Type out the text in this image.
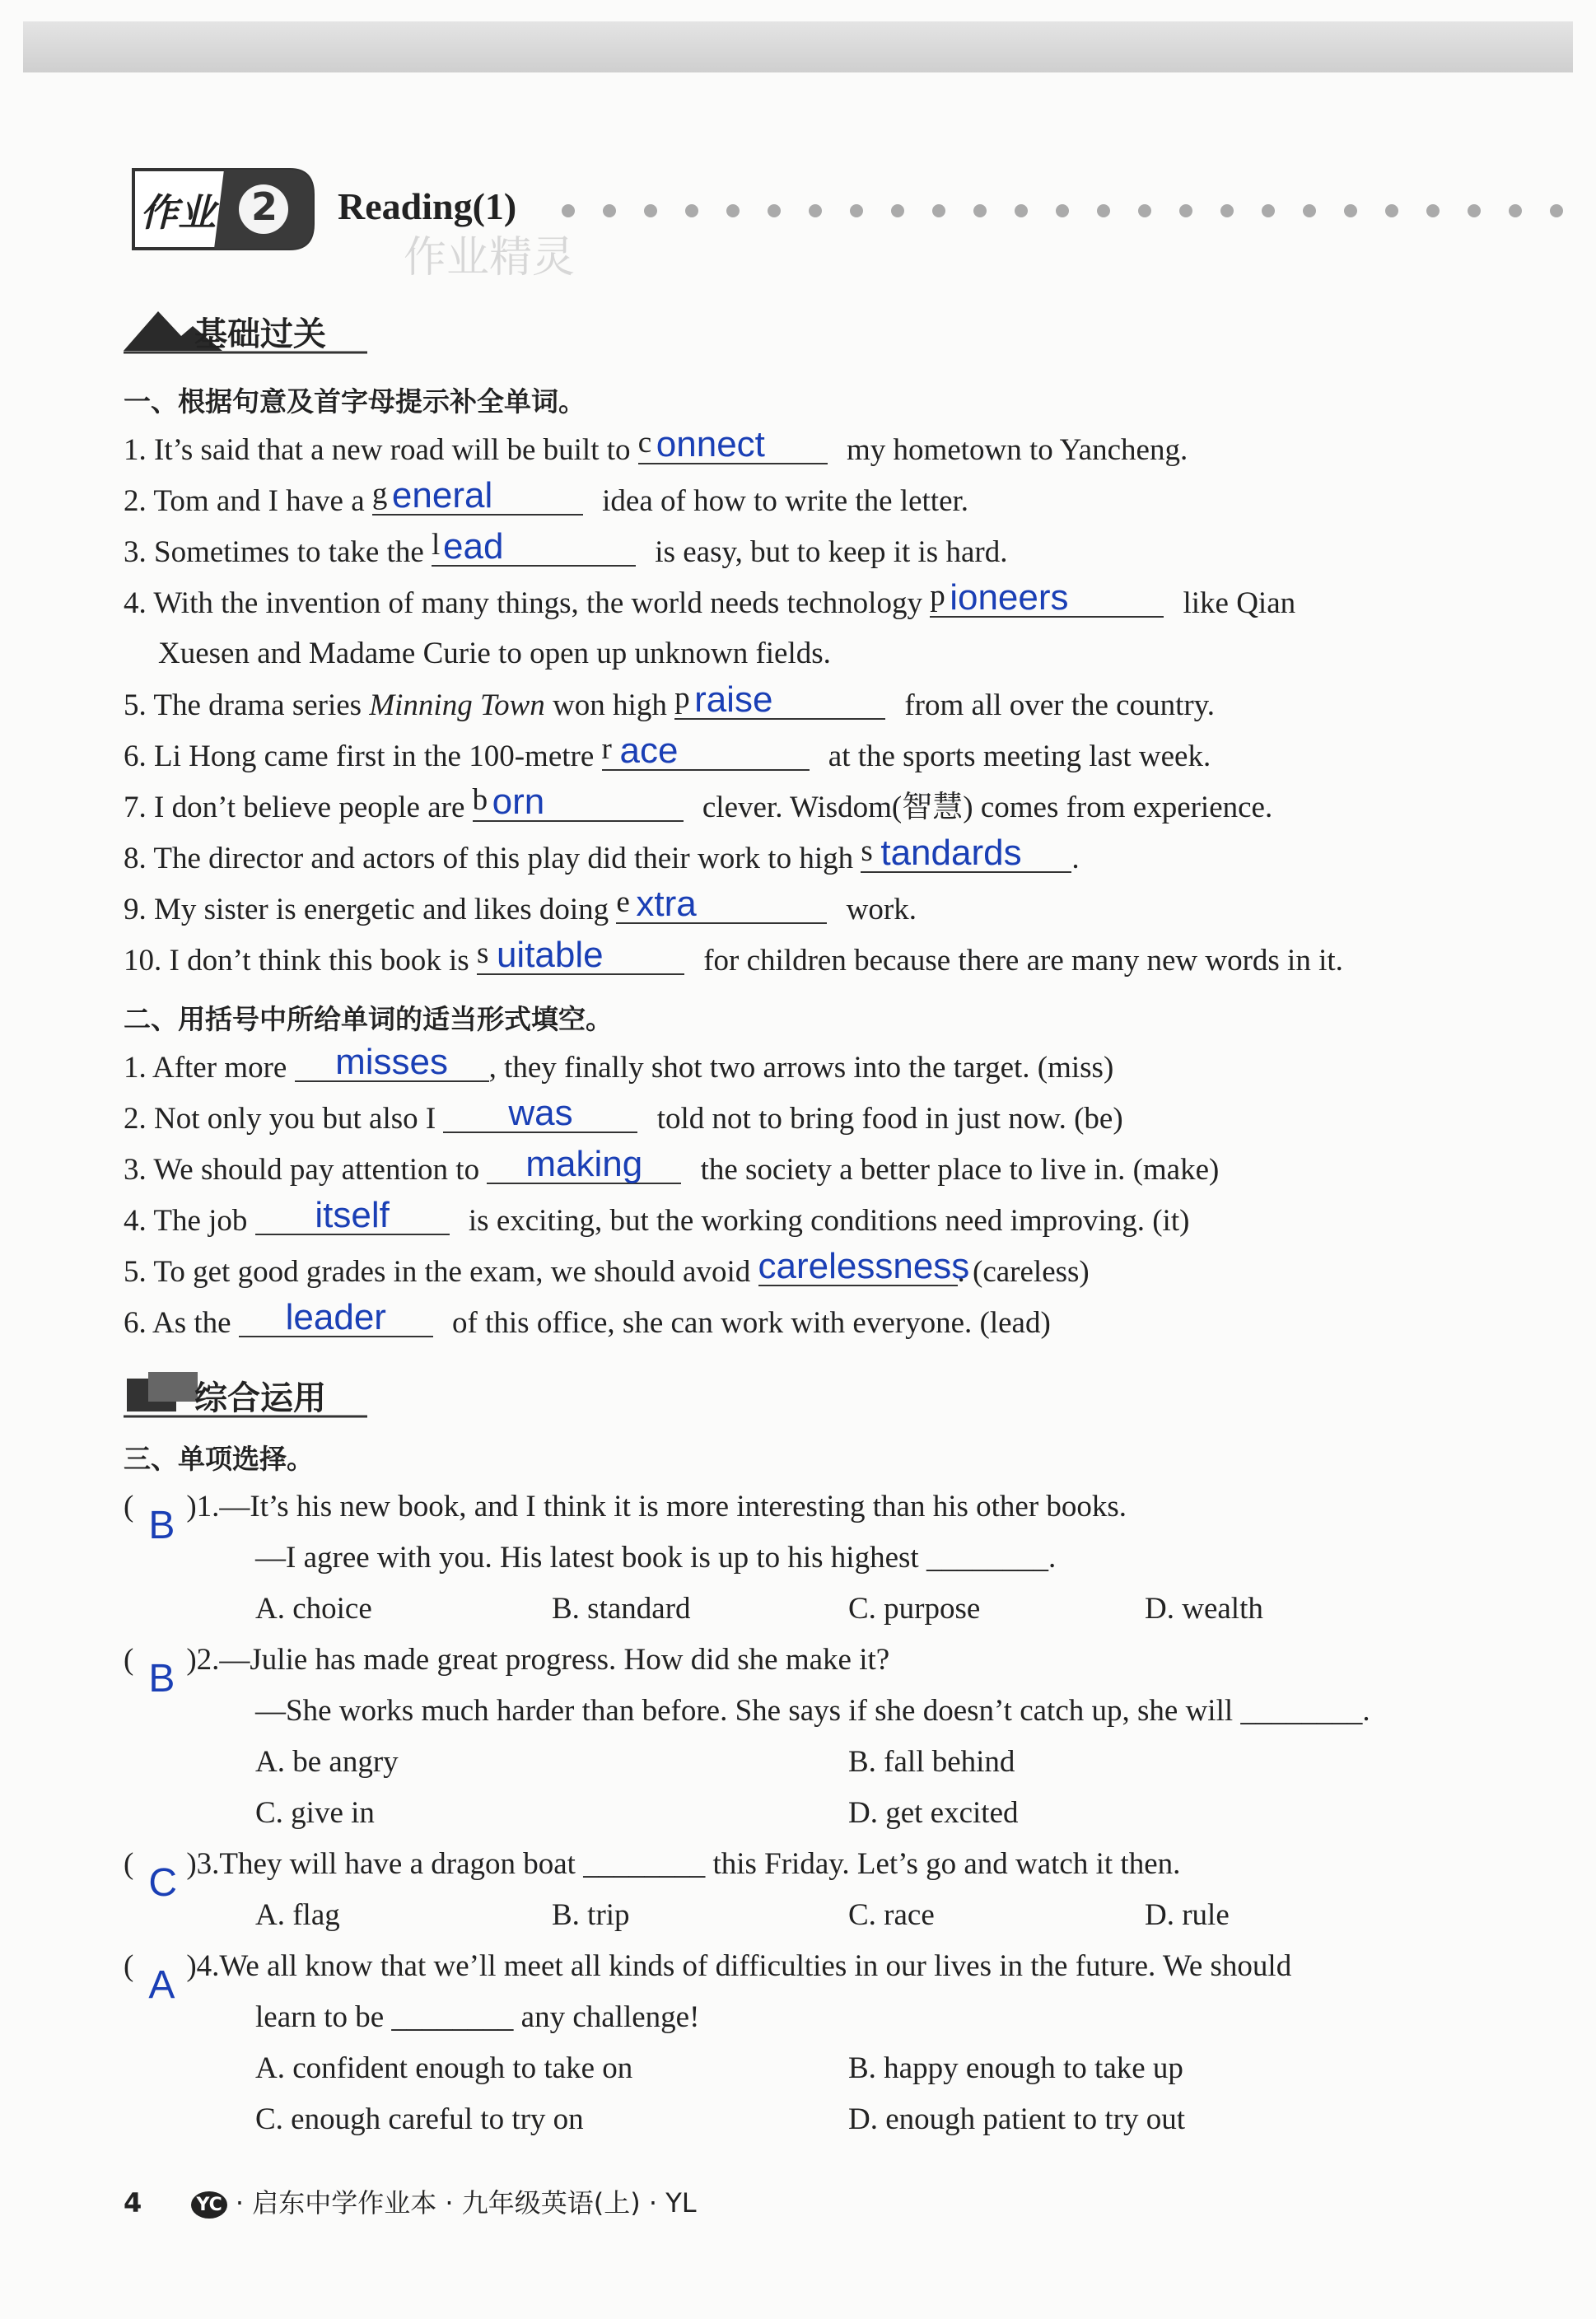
作业 2 Reading(1)
作业精灵
基础过关
一、根据句意及首字母提示补全单词。
1. It’s said that a new road will be built to c onnect	my hometown to Yancheng.
2. Tom and I have a g eneral	idea of how to write the letter.
3. Sometimes to take the l ead	is easy, but to keep it is hard.
4. With the invention of many things, the world needs technology p ioneers	like Qian
Xuesen and Madame Curie to open up unknown fields.
5. The drama series Minning Town won high p raise	from all over the country.
6. Li Hong came first in the 100-metre r ace	at the sports meeting last week.
7. I don’t believe people are b orn	clever. Wisdom(智慧) comes from experience.
8. The director and actors of this play did their work to high s tandards .
9. My sister is energetic and likes doing e xtra	work.
10. I don’t think this book is s uitable	for children because there are many new words in it.
二、用括号中所给单词的适当形式填空。
1. After more	misses	, they finally shot two arrows into the target. (miss)
2. Not only you but also I	was	told not to bring food in just now. (be)
3. We should pay attention to	making	the society a better place to live in. (make)
4. The job	itself	is exciting, but the working conditions need improving. (it)
5. To get good grades in the exam, we should avoid carelessness
. (careless)
6. As the	leader	of this office, she can work with everyone. (lead)
综合运用
三、单项选择。
( B )1.—It’s his new book, and I think it is more interesting than his other books.
—I agree with you. His latest book is up to his highest ________.
A. choice	B. standard	C. purpose	D. wealth
( B )2.—Julie has made great progress. How did she make it?
—She works much harder than before. She says if she doesn’t catch up, she will ________.
A. be angry	B. fall behind
C. give in	D. get excited
( C )3.They will have a dragon boat ________ this Friday. Let’s go and watch it then.
A. flag	B. trip	C. race	D. rule
( A )4.We all know that we’ll meet all kinds of difficulties in our lives in the future. We should
learn to be ________ any challenge!
A. confident enough to take on	B. happy enough to take up
C. enough careful to try on	D. enough patient to try out
4	YC · 启东中学作业本 · 九年级英语(上) · YL
